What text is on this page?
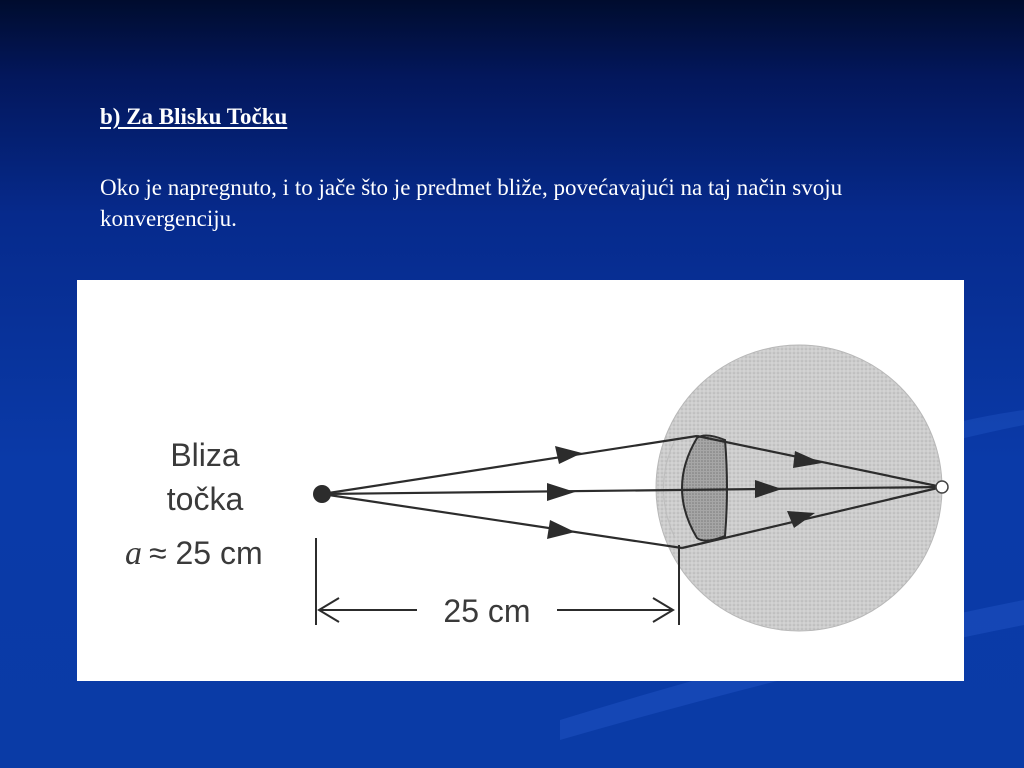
b) Za Blisku Točku

Oko je napregnuto, i to jače što je predmet bliže, povećavajući na taj način svoju konvergenciju.

25 cm
Bliza
točka
a ≈ 25 cm
